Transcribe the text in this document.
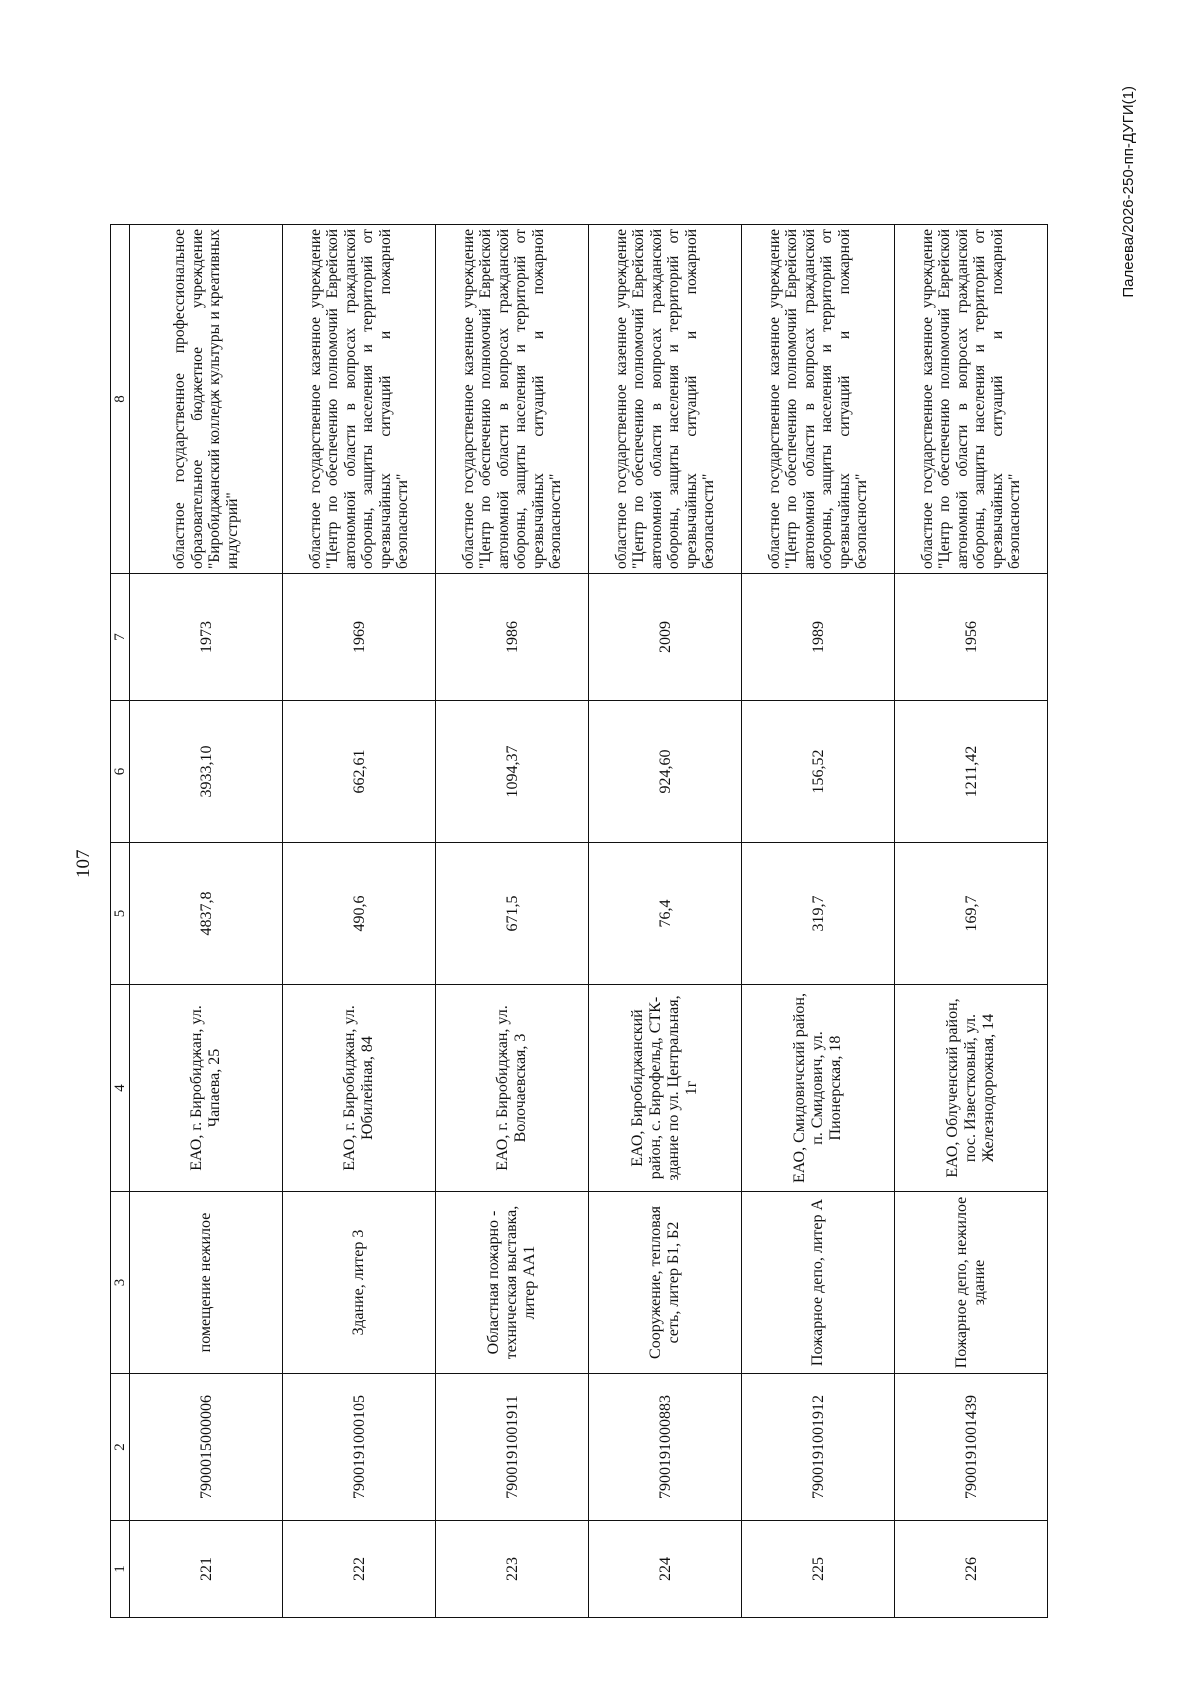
107
1	2	3	4	5	6	7	8
221	7900015000006	помещение нежилое	ЕАО, г. Биробиджан, ул. Чапаева, 25	4837,8	3933,10	1973	областное государственное профессиональное образовательное бюджетное учреждение "Биробиджанский колледж культуры и креативных индустрий"
222	7900191000105	Здание, литер 3	ЕАО, г. Биробиджан, ул. Юбилейная, 84	490,6	662,61	1969	областное государственное казенное учреждение "Центр по обеспечению полномочий Еврейской автономной области в вопросах гражданской обороны, защиты населения и территорий от чрезвычайных ситуаций и пожарной безопасности"
223	7900191001911	Областная пожарно - техническая выставка, литер АА1	ЕАО, г. Биробиджан, ул. Волочаевская, 3	671,5	1094,37	1986	областное государственное казенное учреждение "Центр по обеспечению полномочий Еврейской автономной области в вопросах гражданской обороны, защиты населения и территорий от чрезвычайных ситуаций и пожарной безопасности"
224	7900191000883	Сооружение, тепловая сеть, литер Б1, Б2	ЕАО, Биробиджанский район, с. Бирофельд, СТК-здание по ул. Центральная, 1г	76,4	924,60	2009	областное государственное казенное учреждение "Центр по обеспечению полномочий Еврейской автономной области в вопросах гражданской обороны, защиты населения и территорий от чрезвычайных ситуаций и пожарной безопасности"
225	7900191001912	Пожарное депо, литер А	ЕАО, Смидовичский район, п. Смидович, ул. Пионерская, 18	319,7	156,52	1989	областное государственное казенное учреждение "Центр по обеспечению полномочий Еврейской автономной области в вопросах гражданской обороны, защиты населения и территорий от чрезвычайных ситуаций и пожарной безопасности"
226	7900191001439	Пожарное депо, нежилое здание	ЕАО, Облученский район, пос. Известковый, ул. Железнодорожная, 14	169,7	1211,42	1956	областное государственное казенное учреждение "Центр по обеспечению полномочий Еврейской автономной области в вопросах гражданской обороны, защиты населения и территорий от чрезвычайных ситуаций и пожарной безопасности"
Палеева/2026-250-пп-ДУГИ(1)
